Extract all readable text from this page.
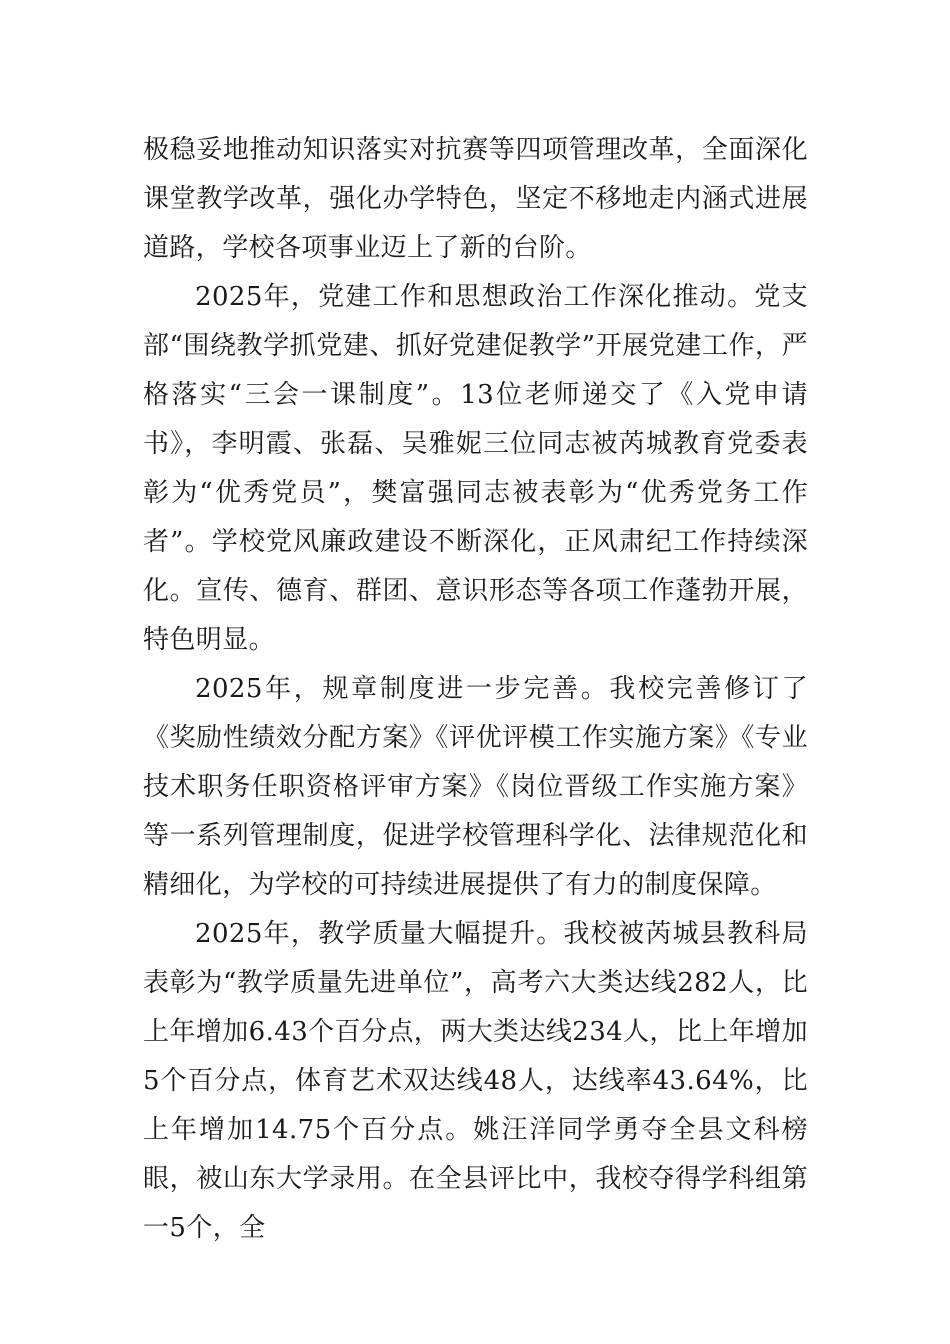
极稳妥地推动知识落实对抗赛等四项管理改革，全面深化课堂教学改革，强化办学特色，坚定不移地走内涵式进展道路，学校各项事业迈上了新的台阶。

2025年，党建工作和思想政治工作深化推动。党支部“围绕教学抓党建、抓好党建促教学”开展党建工作，严格落实“三会一课制度”。13位老师递交了《入党申请书》，李明霞、张磊、吴雅妮三位同志被芮城教育党委表彰为“优秀党员”，樊富强同志被表彰为“优秀党务工作者”。学校党风廉政建设不断深化，正风肃纪工作持续深化。宣传、德育、群团、意识形态等各项工作蓬勃开展，特色明显。

2025年，规章制度进一步完善。我校完善修订了《奖励性绩效分配方案》《评优评模工作实施方案》《专业技术职务任职资格评审方案》《岗位晋级工作实施方案》等一系列管理制度，促进学校管理科学化、法律规范化和精细化，为学校的可持续进展提供了有力的制度保障。

2025年，教学质量大幅提升。我校被芮城县教科局表彰为“教学质量先进单位”，高考六大类达线282人，比上年增加6.43个百分点，两大类达线234人，比上年增加5个百分点，体育艺术双达线48人，达线率43.64%，比上年增加14.75个百分点。姚汪洋同学勇夺全县文科榜眼，被山东大学录用。在全县评比中，我校夺得学科组第一5个，全
